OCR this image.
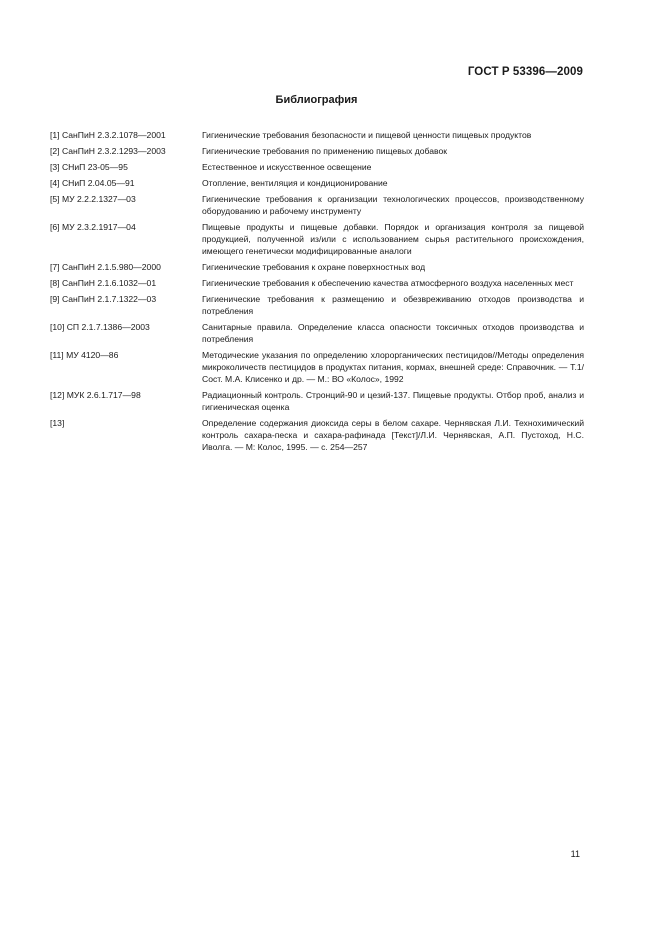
ГОСТ Р 53396—2009
Библиография
[1] СанПиН 2.3.2.1078—2001	Гигиенические требования безопасности и пищевой ценности пищевых продуктов
[2] СанПиН 2.3.2.1293—2003	Гигиенические требования по применению пищевых добавок
[3] СНиП 23-05—95	Естественное и искусственное освещение
[4] СНиП 2.04.05—91	Отопление, вентиляция и кондиционирование
[5] МУ 2.2.2.1327—03	Гигиенические требования к организации технологических процессов, производственному оборудованию и рабочему инструменту
[6] МУ 2.3.2.1917—04	Пищевые продукты и пищевые добавки. Порядок и организация контроля за пищевой продукцией, полученной из/или с использованием сырья растительного происхождения, имеющего генетически модифицированные аналоги
[7] СанПиН 2.1.5.980—2000	Гигиенические требования к охране поверхностных вод
[8] СанПиН 2.1.6.1032—01	Гигиенические требования к обеспечению качества атмосферного воздуха населенных мест
[9] СанПиН 2.1.7.1322—03	Гигиенические требования к размещению и обезвреживанию отходов производства и потребления
[10] СП 2.1.7.1386—2003	Санитарные правила. Определение класса опасности токсичных отходов производства и потребления
[11] МУ 4120—86	Методические указания по определению хлорорганических пестицидов//Методы определения микроколичеств пестицидов в продуктах питания, кормах, внешней среде: Справочник. — Т.1/Сост. М.А. Клисенко и др. — М.: ВО «Колос», 1992
[12] МУК 2.6.1.717—98	Радиационный контроль. Стронций-90 и цезий-137. Пищевые продукты. Отбор проб, анализ и гигиеническая оценка
[13]	Определение содержания диоксида серы в белом сахаре. Чернявская Л.И. Технохимический контроль сахара-песка и сахара-рафинада [Текст]/Л.И. Чернявская, А.П. Пустоход, Н.С. Иволга. — М: Колос, 1995. — с. 254—257
11
